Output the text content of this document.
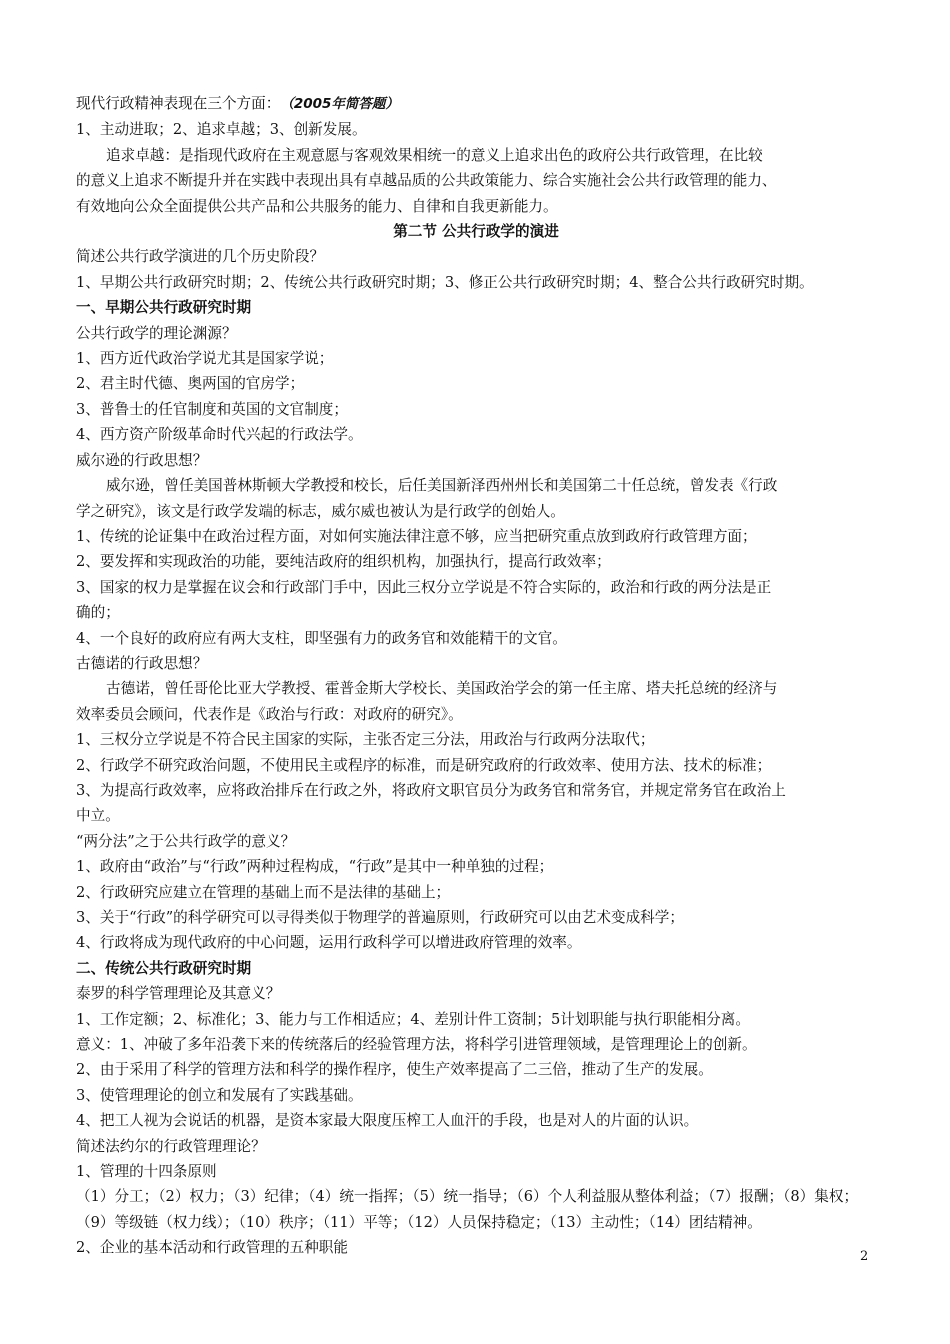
现代行政精神表现在三个方面：（2005年简答题）
1、主动进取；2、追求卓越；3、创新发展。
追求卓越：是指现代政府在主观意愿与客观效果相统一的意义上追求出色的政府公共行政管理，在比较
的意义上追求不断提升并在实践中表现出具有卓越品质的公共政策能力、综合实施社会公共行政管理的能力、
有效地向公众全面提供公共产品和公共服务的能力、自律和自我更新能力。
第二节 公共行政学的演进
简述公共行政学演进的几个历史阶段？
1、早期公共行政研究时期；2、传统公共行政研究时期；3、修正公共行政研究时期；4、整合公共行政研究时期。
一、早期公共行政研究时期
公共行政学的理论渊源？
1、西方近代政治学说尤其是国家学说；
2、君主时代德、奥两国的官房学；
3、普鲁士的任官制度和英国的文官制度；
4、西方资产阶级革命时代兴起的行政法学。
威尔逊的行政思想？
威尔逊，曾任美国普林斯顿大学教授和校长，后任美国新泽西州州长和美国第二十任总统，曾发表《行政
学之研究》，该文是行政学发端的标志，威尔威也被认为是行政学的创始人。
1、传统的论证集中在政治过程方面，对如何实施法律注意不够，应当把研究重点放到政府行政管理方面；
2、要发挥和实现政治的功能，要纯洁政府的组织机构，加强执行，提高行政效率；
3、国家的权力是掌握在议会和行政部门手中，因此三权分立学说是不符合实际的，政治和行政的两分法是正
确的；
4、一个良好的政府应有两大支柱，即坚强有力的政务官和效能精干的文官。
古德诺的行政思想？
古德诺，曾任哥伦比亚大学教授、霍普金斯大学校长、美国政治学会的第一任主席、塔夫托总统的经济与
效率委员会顾问，代表作是《政治与行政：对政府的研究》。
1、三权分立学说是不符合民主国家的实际，主张否定三分法，用政治与行政两分法取代；
2、行政学不研究政治问题，不使用民主或程序的标准，而是研究政府的行政效率、使用方法、技术的标准；
3、为提高行政效率，应将政治排斥在行政之外，将政府文职官员分为政务官和常务官，并规定常务官在政治上
中立。
“两分法”之于公共行政学的意义？
1、政府由“政治”与“行政”两种过程构成，“行政”是其中一种单独的过程；
2、行政研究应建立在管理的基础上而不是法律的基础上；
3、关于“行政”的科学研究可以寻得类似于物理学的普遍原则，行政研究可以由艺术变成科学；
4、行政将成为现代政府的中心问题，运用行政科学可以增进政府管理的效率。
二、传统公共行政研究时期
泰罗的科学管理理论及其意义？
1、工作定额；2、标准化；3、能力与工作相适应；4、差别计件工资制；5计划职能与执行职能相分离。
意义：1、冲破了多年沿袭下来的传统落后的经验管理方法，将科学引进管理领域，是管理理论上的创新。
2、由于采用了科学的管理方法和科学的操作程序，使生产效率提高了二三倍，推动了生产的发展。
3、使管理理论的创立和发展有了实践基础。
4、把工人视为会说话的机器，是资本家最大限度压榨工人血汗的手段，也是对人的片面的认识。
简述法约尔的行政管理理论？
1、管理的十四条原则
（1）分工；（2）权力；（3）纪律；（4）统一指挥；（5）统一指导；（6）个人利益服从整体利益；（7）报酬；（8）集权；
（9）等级链（权力线）；（10）秩序；（11）平等；（12）人员保持稳定；（13）主动性；（14）团结精神。
2、企业的基本活动和行政管理的五种职能
2
